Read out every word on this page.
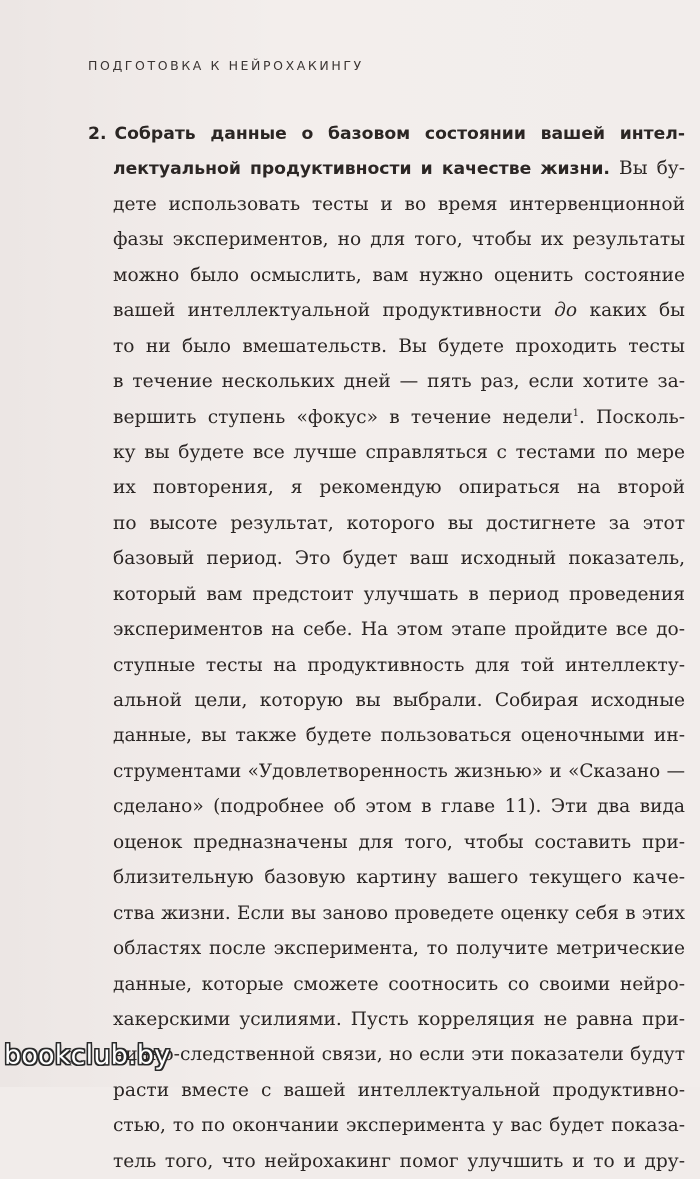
ПОДГОТОВКА К НЕЙРОХАКИНГУ
2. Собрать данные о базовом состоянии вашей интел-
лектуальной продуктивности и качестве жизни. Вы бу-
дете использовать тесты и во время интервенционной
фазы экспериментов, но для того, чтобы их результаты
можно было осмыслить, вам нужно оценить состояние
вашей интеллектуальной продуктивности до каких бы
то ни было вмешательств. Вы будете проходить тесты
в течение нескольких дней — пять раз, если хотите за-
вершить ступень «фокус» в течение недели$^1$. Посколь-
ку вы будете все лучше справляться с тестами по мере
их повторения, я рекомендую опираться на второй
по высоте результат, которого вы достигнете за этот
базовый период. Это будет ваш исходный показатель,
который вам предстоит улучшать в период проведения
экспериментов на себе. На этом этапе пройдите все до-
ступные тесты на продуктивность для той интеллекту-
альной цели, которую вы выбрали. Собирая исходные
данные, вы также будете пользоваться оценочными ин-
струментами «Удовлетворенность жизнью» и «Сказано —
сделано» (подробнее об этом в главе 11). Эти два вида
оценок предназначены для того, чтобы составить при-
близительную базовую картину вашего текущего каче-
ства жизни. Если вы заново проведете оценку себя в этих
областях после эксперимента, то получите метрические
данные, которые сможете соотносить со своими нейро-
хакерскими усилиями. Пусть корреляция не равна при-
чинно-следственной связи, но если эти показатели будут
расти вместе с вашей интеллектуальной продуктивно-
стью, то по окончании эксперимента у вас будет показа-
тель того, что нейрохакинг помог улучшить и то и дру-
bookclub.by
